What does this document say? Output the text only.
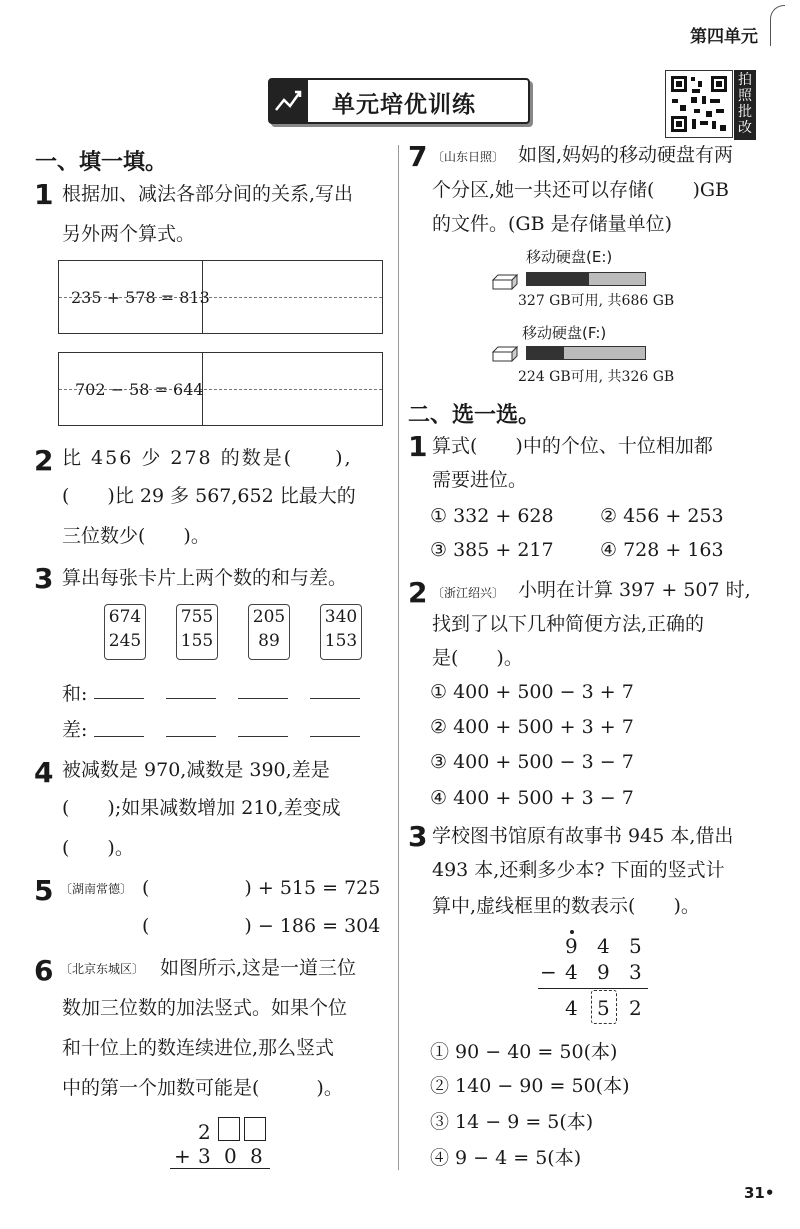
第四单元
单元培优训练
拍照批改
一、填一填。
1 根据加、减法各部分间的关系,写出
另外两个算式。
235 + 578 = 813
702 − 58 = 644
2 比 456 少 278 的数是(　　),
(　　)比 29 多 567,652 比最大的
三位数少(　　)。
3 算出每张卡片上两个数的和与差。
674
245
755
155
205
89
340
153
和:
差:
4 被减数是 970,减数是 390,差是
(　　);如果减数增加 210,差变成
(　　)。
5 〔湖南常德〕 (　　　　　) + 515 = 725
(　　　　　) − 186 = 304
6 〔北京东城区〕 如图所示,这是一道三位
数加三位数的加法竖式。如果个位
和十位上的数连续进位,那么竖式
中的第一个加数可能是(　　　)。
2
+ 3 0 8
7 〔山东日照〕 如图,妈妈的移动硬盘有两
个分区,她一共还可以存储(　　)GB
的文件。(GB 是存储量单位)
移动硬盘(E:)
327 GB可用, 共686 GB
移动硬盘(F:)
224 GB可用, 共326 GB
二、选一选。
1 算式(　　)中的个位、十位相加都
需要进位。
① 332 + 628 ② 456 + 253
③ 385 + 217 ④ 728 + 163
2 〔浙江绍兴〕 小明在计算 397 + 507 时,
找到了以下几种简便方法,正确的
是(　　)。
① 400 + 500 − 3 + 7
② 400 + 500 + 3 + 7
③ 400 + 500 − 3 − 7
④ 400 + 500 + 3 − 7
3 学校图书馆原有故事书 945 本,借出
493 本,还剩多少本? 下面的竖式计
算中,虚线框里的数表示(　　)。
9 4 5
− 4 9 3
4 5 2
① 90 − 40 = 50(本)
② 140 − 90 = 50(本)
③ 14 − 9 = 5(本)
④ 9 − 4 = 5(本)
31•
